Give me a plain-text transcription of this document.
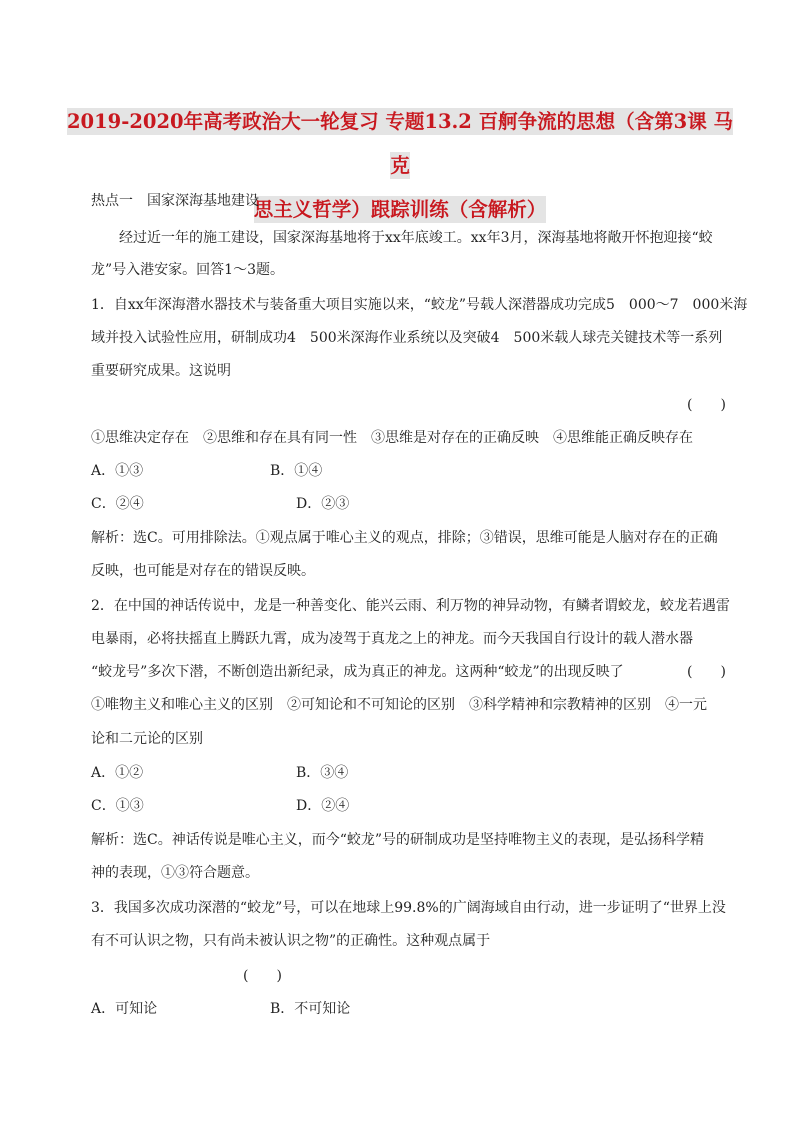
2019-2020年高考政治大一轮复习 专题13.2 百舸争流的思想（含第3课 马克
思主义哲学）跟踪训练（含解析）
热点一　国家深海基地建设
经过近一年的施工建设，国家深海基地将于xx年底竣工。xx年3月，深海基地将敞开怀抱迎接“蛟
龙”号入港安家。回答1～3题。
1．自xx年深海潜水器技术与装备重大项目实施以来，“蛟龙”号载人深潜器成功完成5　000～7　000米海
域并投入试验性应用，研制成功4　500米深海作业系统以及突破4　500米载人球壳关键技术等一系列
重要研究成果。这说明
(　　)
①思维决定存在　②思维和存在具有同一性　③思维是对存在的正确反映　④思维能正确反映存在
A．①③	B．①④
C．②④	D．②③
解析：选C。可用排除法。①观点属于唯心主义的观点，排除；③错误，思维可能是人脑对存在的正确
反映，也可能是对存在的错误反映。
2．在中国的神话传说中，龙是一种善变化、能兴云雨、利万物的神异动物，有鳞者谓蛟龙，蛟龙若遇雷
电暴雨，必将扶摇直上腾跃九霄，成为凌驾于真龙之上的神龙。而今天我国自行设计的载人潜水器
“蛟龙号”多次下潜，不断创造出新纪录，成为真正的神龙。这两种“蛟龙”的出现反映了	(　　)
①唯物主义和唯心主义的区别　②可知论和不可知论的区别　③科学精神和宗教精神的区别　④一元
论和二元论的区别
A．①②	B．③④
C．①③	D．②④
解析：选C。神话传说是唯心主义，而今“蛟龙”号的研制成功是坚持唯物主义的表现，是弘扬科学精
神的表现，①③符合题意。
3．我国多次成功深潜的“蛟龙”号，可以在地球上99.8%的广阔海域自由行动，进一步证明了“世界上没
有不可认识之物，只有尚未被认识之物”的正确性。这种观点属于
(　　)
A．可知论	B．不可知论
